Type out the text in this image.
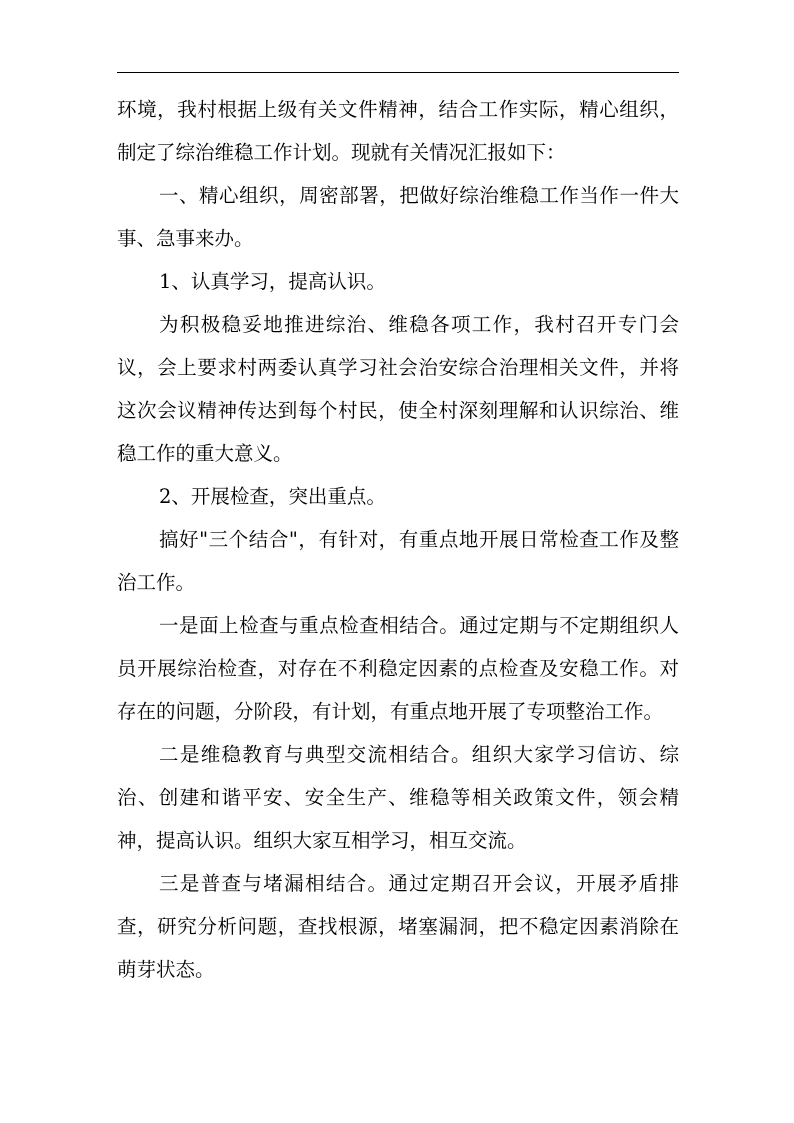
环境，我村根据上级有关文件精神，结合工作实际，精心组织，制定了综治维稳工作计划。现就有关情况汇报如下：

一、精心组织，周密部署，把做好综治维稳工作当作一件大事、急事来办。

1、认真学习，提高认识。

为积极稳妥地推进综治、维稳各项工作，我村召开专门会议，会上要求村两委认真学习社会治安综合治理相关文件，并将这次会议精神传达到每个村民，使全村深刻理解和认识综治、维稳工作的重大意义。

2、开展检查，突出重点。

搞好"三个结合"，有针对，有重点地开展日常检查工作及整治工作。

一是面上检查与重点检查相结合。通过定期与不定期组织人员开展综治检查，对存在不利稳定因素的点检查及安稳工作。对存在的问题，分阶段，有计划，有重点地开展了专项整治工作。

二是维稳教育与典型交流相结合。组织大家学习信访、综治、创建和谐平安、安全生产、维稳等相关政策文件，领会精神，提高认识。组织大家互相学习，相互交流。

三是普查与堵漏相结合。通过定期召开会议，开展矛盾排查，研究分析问题，查找根源，堵塞漏洞，把不稳定因素消除在萌芽状态。
